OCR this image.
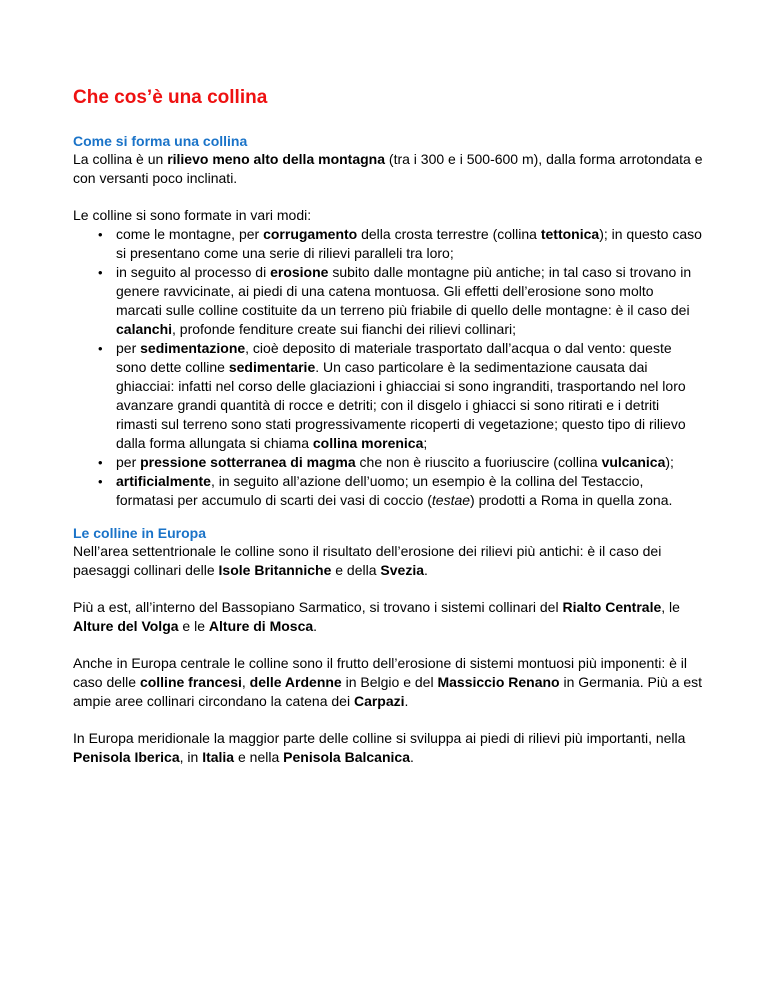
Che cos’è una collina
Come si forma una collina

La collina è un rilievo meno alto della montagna (tra i 300 e i 500-600 m), dalla forma arrotondata e con versanti poco inclinati.

Le colline si sono formate in vari modi:

• come le montagne, per corrugamento della crosta terrestre (collina tettonica); in questo caso si presentano come una serie di rilievi paralleli tra loro;
• in seguito al processo di erosione subito dalle montagne più antiche; in tal caso si trovano in genere ravvicinate, ai piedi di una catena montuosa. Gli effetti dell’erosione sono molto marcati sulle colline costituite da un terreno più friabile di quello delle montagne: è il caso dei calanchi, profonde fenditure create sui fianchi dei rilievi collinari;
• per sedimentazione, cioè deposito di materiale trasportato dall’acqua o dal vento: queste sono dette colline sedimentarie. Un caso particolare è la sedimentazione causata dai ghiacciai: infatti nel corso delle glaciazioni i ghiacciai si sono ingranditi, trasportando nel loro avanzare grandi quantità di rocce e detriti; con il disgelo i ghiacci si sono ritirati e i detriti rimasti sul terreno sono stati progressivamente ricoperti di vegetazione; questo tipo di rilievo dalla forma allungata si chiama collina morenica;
• per pressione sotterranea di magma che non è riuscito a fuoriuscire (collina vulcanica);
• artificialmente, in seguito all’azione dell’uomo; un esempio è la collina del Testaccio, formatasi per accumulo di scarti dei vasi di coccio (testae) prodotti a Roma in quella zona.
Le colline in Europa

Nell’area settentrionale le colline sono il risultato dell’erosione dei rilievi più antichi: è il caso dei paesaggi collinari delle Isole Britanniche e della Svezia.

Più a est, all’interno del Bassopiano Sarmatico, si trovano i sistemi collinari del Rialto Centrale, le Alture del Volga e le Alture di Mosca.

Anche in Europa centrale le colline sono il frutto dell’erosione di sistemi montuosi più imponenti: è il caso delle colline francesi, delle Ardenne in Belgio e del Massiccio Renano in Germania. Più a est ampie aree collinari circondano la catena dei Carpazi.

In Europa meridionale la maggior parte delle colline si sviluppa ai piedi di rilievi più importanti, nella Penisola Iberica, in Italia e nella Penisola Balcanica.
